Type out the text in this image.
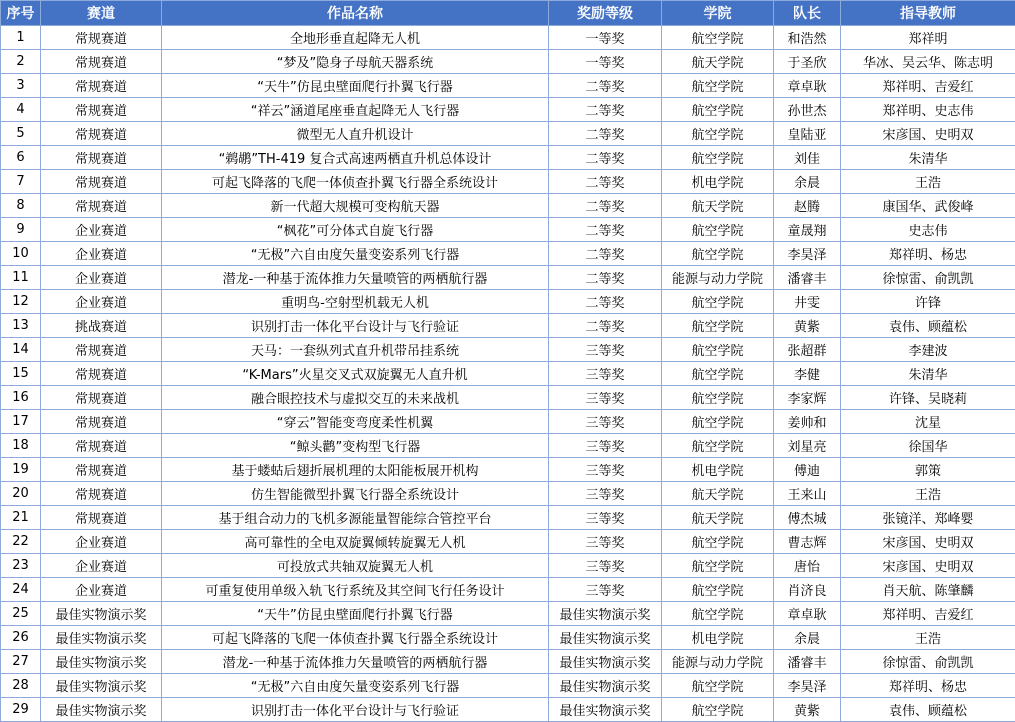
序号	赛道	作品名称	奖励等级	学院	队长	指导教师
1	常规赛道	全地形垂直起降无人机	一等奖	航空学院	和浩然	郑祥明
2	常规赛道	“梦及”隐身子母航天器系统	一等奖	航天学院	于圣欣	华冰、吴云华、陈志明
3	常规赛道	“天牛”仿昆虫壁面爬行扑翼飞行器	二等奖	航空学院	章卓耿	郑祥明、吉爱红
4	常规赛道	“祥云”涵道尾座垂直起降无人飞行器	二等奖	航空学院	孙世杰	郑祥明、史志伟
5	常规赛道	微型无人直升机设计	二等奖	航空学院	皇陆亚	宋彦国、史明双
6	常规赛道	“鹈鹕”TH-419 复合式高速两栖直升机总体设计	二等奖	航空学院	刘佳	朱清华
7	常规赛道	可起飞降落的飞爬一体侦查扑翼飞行器全系统设计	二等奖	机电学院	余晨	王浩
8	常规赛道	新一代超大规模可变构航天器	二等奖	航天学院	赵腾	康国华、武俊峰
9	企业赛道	“枫花”可分体式自旋飞行器	二等奖	航空学院	童晟翔	史志伟
10	企业赛道	“无极”六自由度矢量变姿系列飞行器	二等奖	航空学院	李昊泽	郑祥明、杨忠
11	企业赛道	潜龙-一种基于流体推力矢量喷管的两栖航行器	二等奖	能源与动力学院	潘睿丰	徐惊雷、俞凯凯
12	企业赛道	重明鸟-空射型机载无人机	二等奖	航空学院	井雯	许锋
13	挑战赛道	识别打击一体化平台设计与飞行验证	二等奖	航空学院	黄紫	袁伟、顾蕴松
14	常规赛道	天马：一套纵列式直升机带吊挂系统	三等奖	航空学院	张超群	李建波
15	常规赛道	“K-Mars”火星交叉式双旋翼无人直升机	三等奖	航空学院	李健	朱清华
16	常规赛道	融合眼控技术与虚拟交互的未来战机	三等奖	航空学院	李家辉	许锋、吴晓莉
17	常规赛道	“穿云”智能变弯度柔性机翼	三等奖	航空学院	姜帅和	沈星
18	常规赛道	“鲸头鹳”变构型飞行器	三等奖	航空学院	刘星亮	徐国华
19	常规赛道	基于蝼蛄后翅折展机理的太阳能板展开机构	三等奖	机电学院	傅迪	郭策
20	常规赛道	仿生智能微型扑翼飞行器全系统设计	三等奖	航天学院	王来山	王浩
21	常规赛道	基于组合动力的飞机多源能量智能综合管控平台	三等奖	航天学院	傅杰城	张镜洋、郑峰婴
22	企业赛道	高可靠性的全电双旋翼倾转旋翼无人机	三等奖	航空学院	曹志辉	宋彦国、史明双
23	企业赛道	可投放式共轴双旋翼无人机	三等奖	航空学院	唐怡	宋彦国、史明双
24	企业赛道	可重复使用单级入轨飞行系统及其空间飞行任务设计	三等奖	航空学院	肖济良	肖天航、陈肇麟
25	最佳实物演示奖	“天牛”仿昆虫壁面爬行扑翼飞行器	最佳实物演示奖	航空学院	章卓耿	郑祥明、吉爱红
26	最佳实物演示奖	可起飞降落的飞爬一体侦查扑翼飞行器全系统设计	最佳实物演示奖	机电学院	余晨	王浩
27	最佳实物演示奖	潜龙-一种基于流体推力矢量喷管的两栖航行器	最佳实物演示奖	能源与动力学院	潘睿丰	徐惊雷、俞凯凯
28	最佳实物演示奖	“无极”六自由度矢量变姿系列飞行器	最佳实物演示奖	航空学院	李昊泽	郑祥明、杨忠
29	最佳实物演示奖	识别打击一体化平台设计与飞行验证	最佳实物演示奖	航空学院	黄紫	袁伟、顾蕴松
